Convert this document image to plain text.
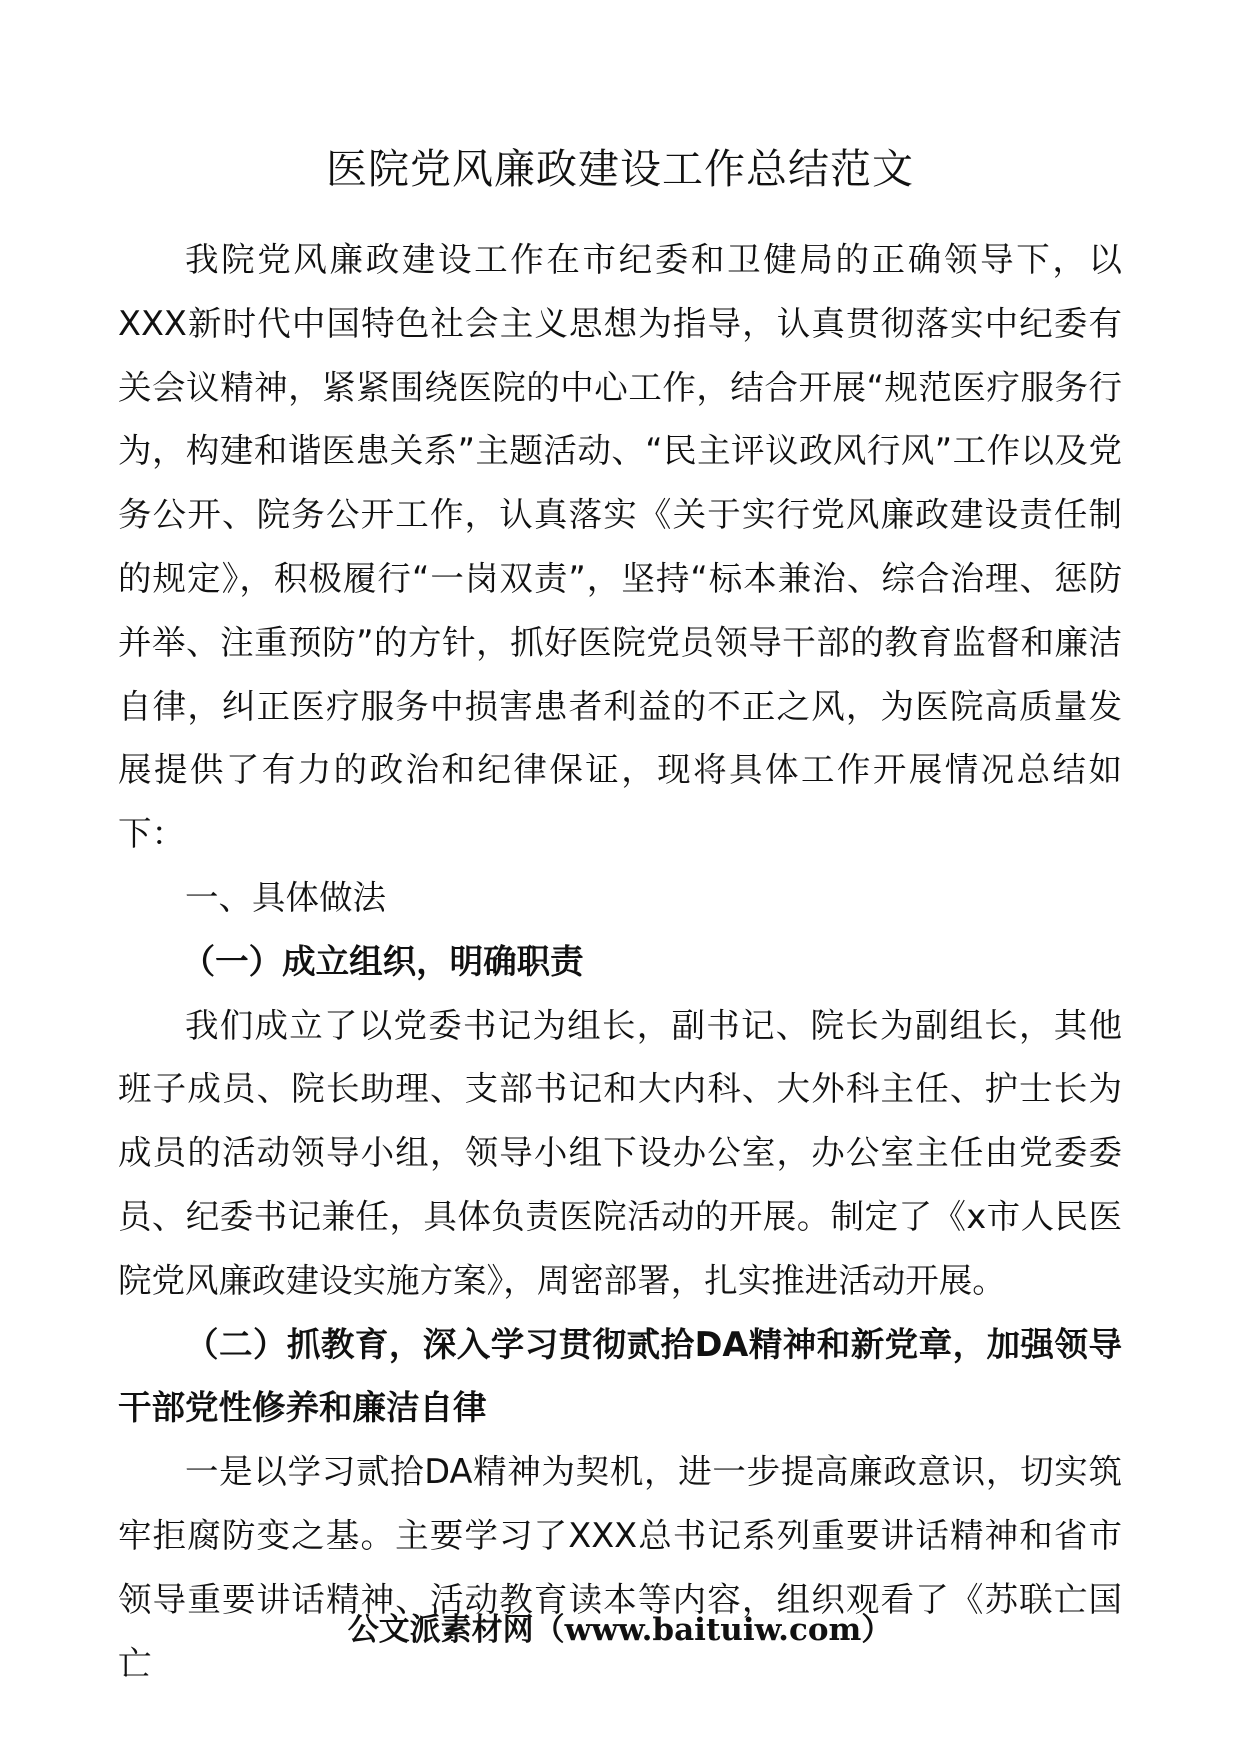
医院党风廉政建设工作总结范文

我院党风廉政建设工作在市纪委和卫健局的正确领导下，以XXX新时代中国特色社会主义思想为指导，认真贯彻落实中纪委有关会议精神，紧紧围绕医院的中心工作，结合开展“规范医疗服务行为，构建和谐医患关系”主题活动、“民主评议政风行风”工作以及党务公开、院务公开工作，认真落实《关于实行党风廉政建设责任制的规定》，积极履行“一岗双责”，坚持“标本兼治、综合治理、惩防并举、注重预防”的方针，抓好医院党员领导干部的教育监督和廉洁自律，纠正医疗服务中损害患者利益的不正之风，为医院高质量发展提供了有力的政治和纪律保证，现将具体工作开展情况总结如下：

一、具体做法

（一）成立组织，明确职责

我们成立了以党委书记为组长，副书记、院长为副组长，其他班子成员、院长助理、支部书记和大内科、大外科主任、护士长为成员的活动领导小组，领导小组下设办公室，办公室主任由党委委员、纪委书记兼任，具体负责医院活动的开展。制定了《x市人民医院党风廉政建设实施方案》，周密部署，扎实推进活动开展。

（二）抓教育，深入学习贯彻贰拾DA精神和新党章，加强领导干部党性修养和廉洁自律

一是以学习贰拾DA精神为契机，进一步提高廉政意识，切实筑牢拒腐防变之基。主要学习了XXX总书记系列重要讲话精神和省市领导重要讲话精神、活动教育读本等内容，组织观看了《苏联亡国亡

公文派素材网（www.baituiw.com）
